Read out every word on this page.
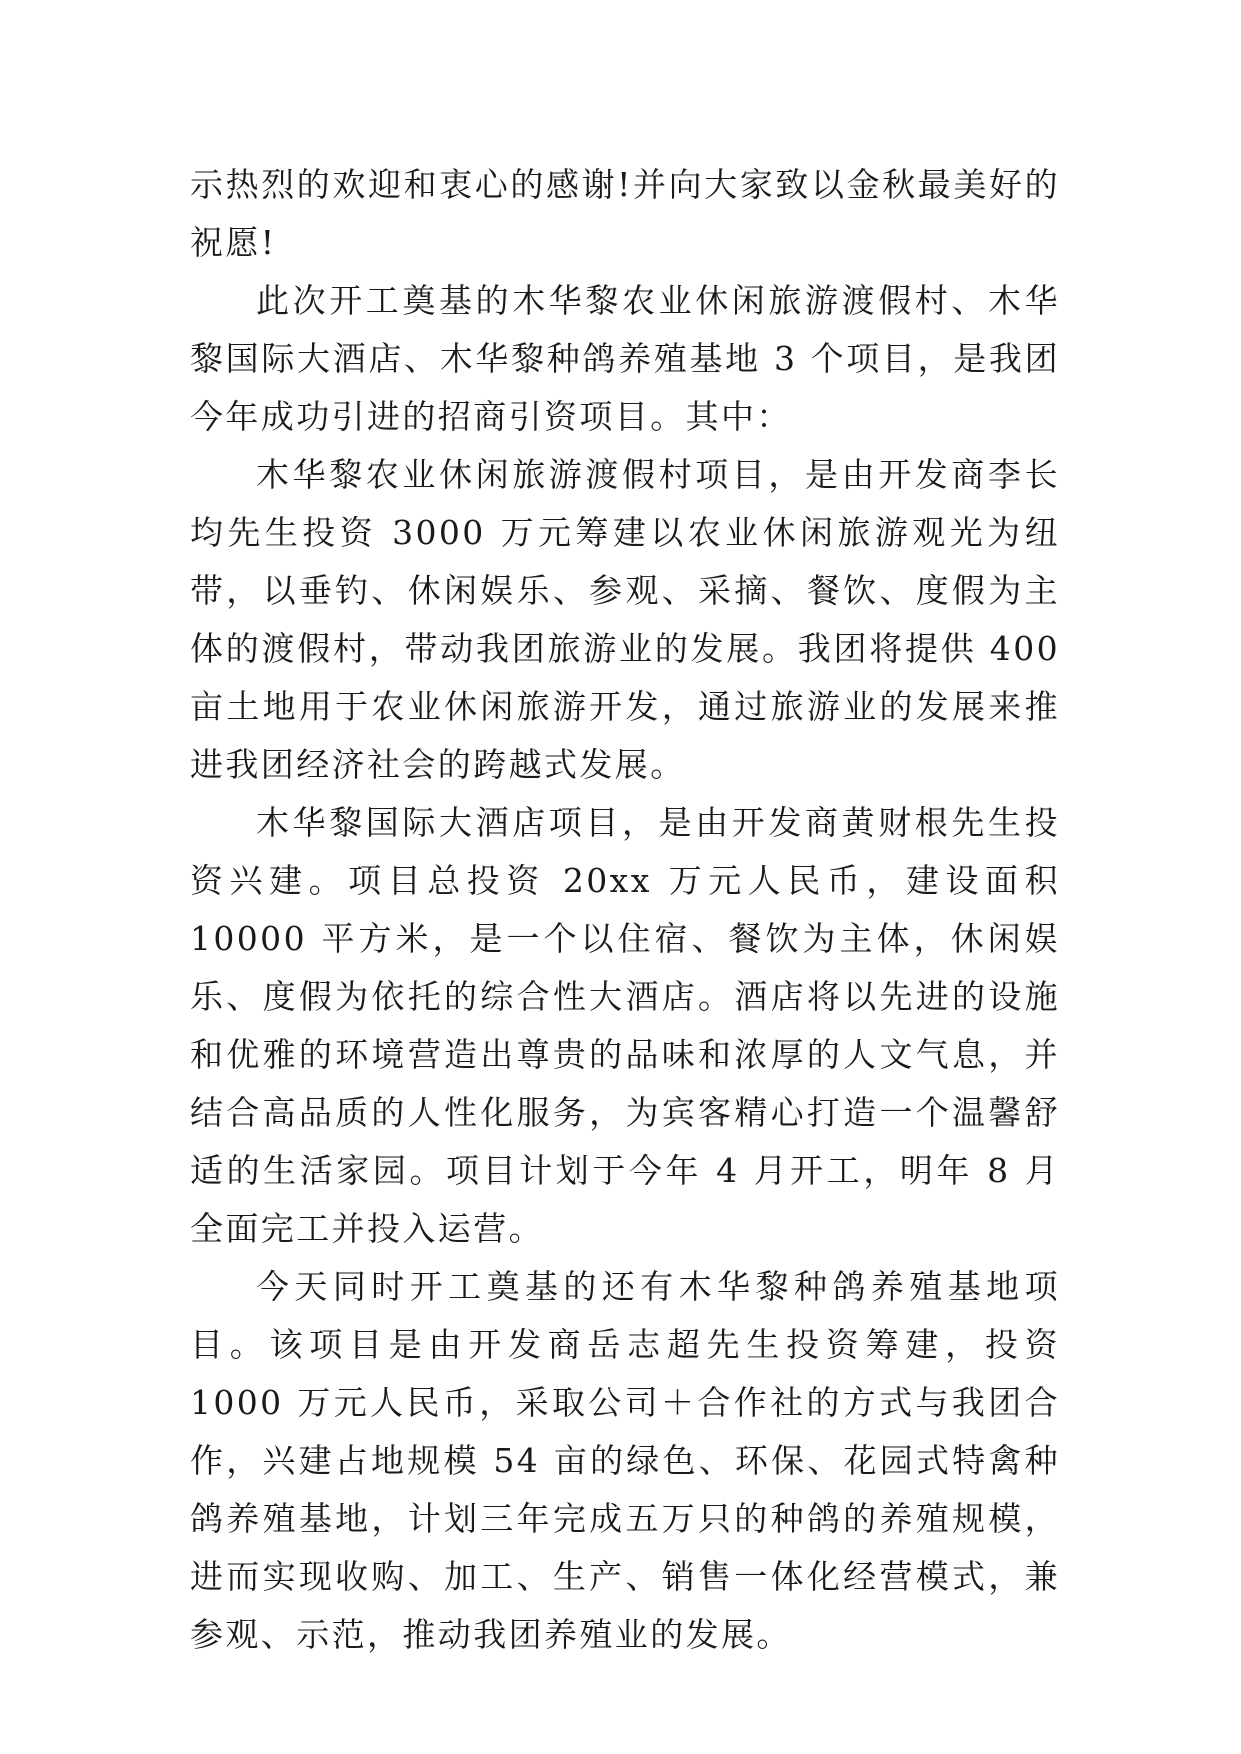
示热烈的欢迎和衷心的感谢!并向大家致以金秋最美好的祝愿!

此次开工奠基的木华黎农业休闲旅游渡假村、木华黎国际大酒店、木华黎种鸽养殖基地 3 个项目，是我团今年成功引进的招商引资项目。其中：

木华黎农业休闲旅游渡假村项目，是由开发商李长均先生投资 3000 万元筹建以农业休闲旅游观光为纽带，以垂钓、休闲娱乐、参观、采摘、餐饮、度假为主体的渡假村，带动我团旅游业的发展。我团将提供 400 亩土地用于农业休闲旅游开发，通过旅游业的发展来推进我团经济社会的跨越式发展。

木华黎国际大酒店项目，是由开发商黄财根先生投资兴建。项目总投资 20xx 万元人民币，建设面积 10000 平方米，是一个以住宿、餐饮为主体，休闲娱乐、度假为依托的综合性大酒店。酒店将以先进的设施和优雅的环境营造出尊贵的品味和浓厚的人文气息，并结合高品质的人性化服务，为宾客精心打造一个温馨舒适的生活家园。项目计划于今年 4 月开工，明年 8 月全面完工并投入运营。

今天同时开工奠基的还有木华黎种鸽养殖基地项目。该项目是由开发商岳志超先生投资筹建，投资 1000 万元人民币，采取公司＋合作社的方式与我团合作，兴建占地规模 54 亩的绿色、环保、花园式特禽种鸽养殖基地，计划三年完成五万只的种鸽的养殖规模，进而实现收购、加工、生产、销售一体化经营模式，兼参观、示范，推动我团养殖业的发展。
